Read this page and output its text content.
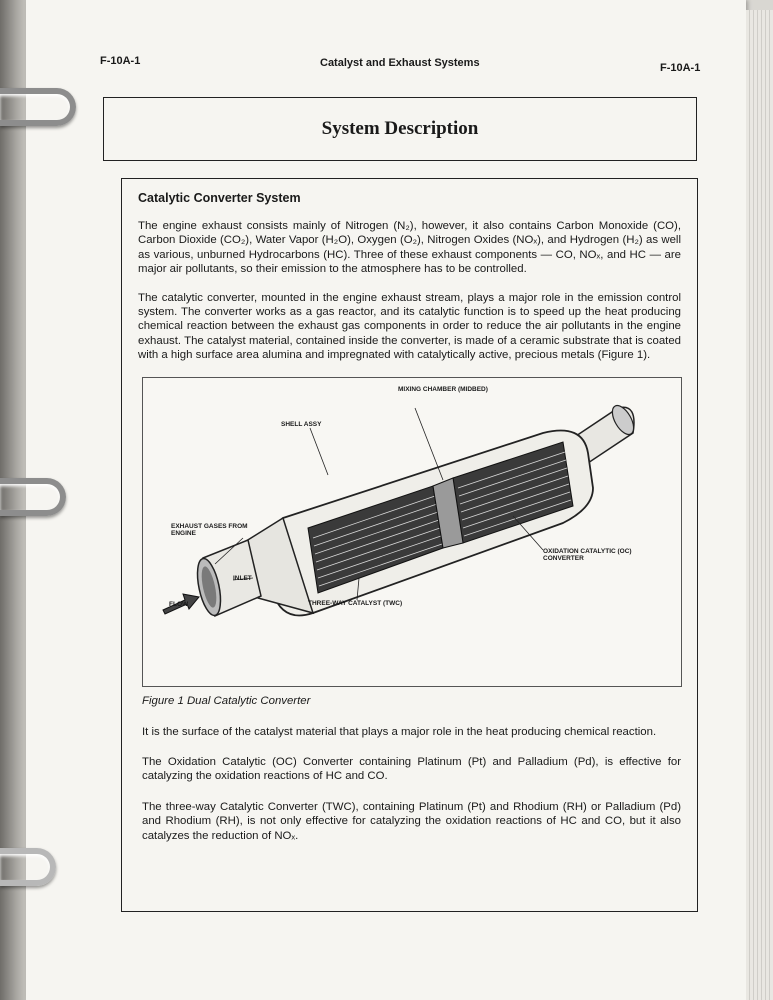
F-10A-1	Catalyst and Exhaust Systems	F-10A-1
System Description
Catalytic Converter System

The engine exhaust consists mainly of Nitrogen (N₂), however, it also contains Carbon Monoxide (CO), Carbon Dioxide (CO₂), Water Vapor (H₂O), Oxygen (O₂), Nitrogen Oxides (NOₓ), and Hydrogen (H₂) as well as various, unburned Hydrocarbons (HC). Three of these exhaust components — CO, NOₓ, and HC — are major air pollutants, so their emission to the atmosphere has to be controlled.

The catalytic converter, mounted in the engine exhaust stream, plays a major role in the emission control system. The converter works as a gas reactor, and its catalytic function is to speed up the heat producing chemical reaction between the exhaust gas components in order to reduce the air pollutants in the engine exhaust. The catalyst material, contained inside the converter, is made of a ceramic substrate that is coated with a high surface area alumina and impregnated with catalytically active, precious metals (Figure 1).

MIXING CHAMBER (MIDBED)
SHELL ASSY
EXHAUST GASES FROM ENGINE
OXIDATION CATALYTIC (OC) CONVERTER
INLET
FLOW	THREE-WAY CATALYST (TWC)
Figure 1 Dual Catalytic Converter

It is the surface of the catalyst material that plays a major role in the heat producing chemical reaction.

The Oxidation Catalytic (OC) Converter containing Platinum (Pt) and Palladium (Pd), is effective for catalyzing the oxidation reactions of HC and CO.

The three-way Catalytic Converter (TWC), containing Platinum (Pt) and Rhodium (RH) or Palladium (Pd) and Rhodium (RH), is not only effective for catalyzing the oxidation reactions of HC and CO, but it also catalyzes the reduction of NOₓ.
